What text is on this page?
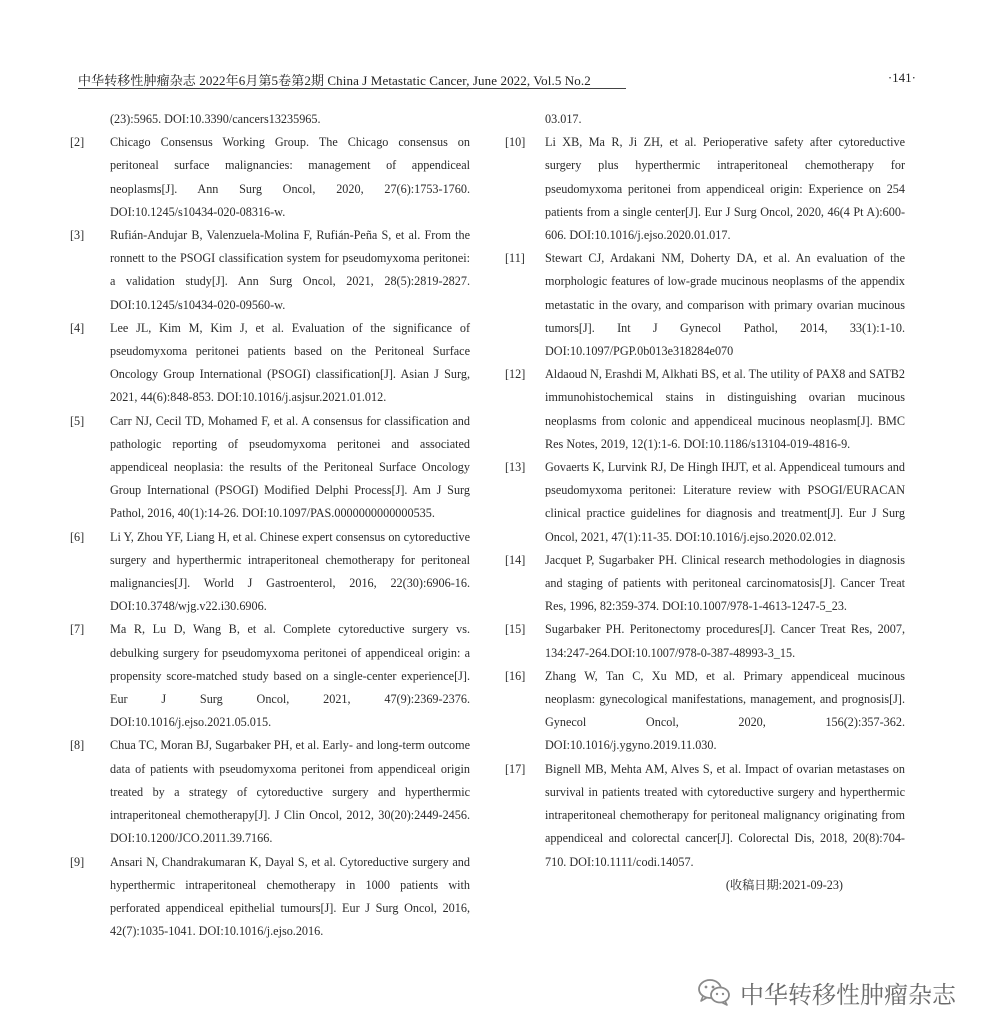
中华转移性肿瘤杂志 2022年6月第5卷第2期 China J Metastatic Cancer, June 2022, Vol.5 No.2	·141·
(23):5965. DOI:10.3390/cancers13235965.
[2]	Chicago Consensus Working Group. The Chicago consensus on peritoneal surface malignancies: management of appendiceal neoplasms[J]. Ann Surg Oncol, 2020, 27(6):1753-1760. DOI:10.1245/s10434-020-08316-w.
[3]	Rufián-Andujar B, Valenzuela-Molina F, Rufián-Peña S, et al. From the ronnett to the PSOGI classification system for pseudomyxoma peritonei: a validation study[J]. Ann Surg Oncol, 2021, 28(5):2819-2827. DOI:10.1245/s10434-020-09560-w.
[4]	Lee JL, Kim M, Kim J, et al. Evaluation of the significance of pseudomyxoma peritonei patients based on the Peritoneal Surface Oncology Group International (PSOGI) classification[J]. Asian J Surg, 2021, 44(6):848-853. DOI:10.1016/j.asjsur.2021.01.012.
[5]	Carr NJ, Cecil TD, Mohamed F, et al. A consensus for classification and pathologic reporting of pseudomyxoma peritonei and associated appendiceal neoplasia: the results of the Peritoneal Surface Oncology Group International (PSOGI) Modified Delphi Process[J]. Am J Surg Pathol, 2016, 40(1):14-26. DOI:10.1097/PAS.0000000000000535.
[6]	Li Y, Zhou YF, Liang H, et al. Chinese expert consensus on cytoreductive surgery and hyperthermic intraperitoneal chemotherapy for peritoneal malignancies[J]. World J Gastroenterol, 2016, 22(30):6906-16. DOI:10.3748/wjg.v22.i30.6906.
[7]	Ma R, Lu D, Wang B, et al. Complete cytoreductive surgery vs. debulking surgery for pseudomyxoma peritonei of appendiceal origin: a propensity score-matched study based on a single-center experience[J]. Eur J Surg Oncol, 2021, 47(9):2369-2376. DOI:10.1016/j.ejso.2021.05.015.
[8]	Chua TC, Moran BJ, Sugarbaker PH, et al. Early- and long-term outcome data of patients with pseudomyxoma peritonei from appendiceal origin treated by a strategy of cytoreductive surgery and hyperthermic intraperitoneal chemotherapy[J]. J Clin Oncol, 2012, 30(20):2449-2456. DOI:10.1200/JCO.2011.39.7166.
[9]	Ansari N, Chandrakumaran K, Dayal S, et al. Cytoreductive surgery and hyperthermic intraperitoneal chemotherapy in 1000 patients with perforated appendiceal epithelial tumours[J]. Eur J Surg Oncol, 2016, 42(7):1035-1041. DOI:10.1016/j.ejso.2016.
03.017.
[10]	Li XB, Ma R, Ji ZH, et al. Perioperative safety after cytoreductive surgery plus hyperthermic intraperitoneal chemotherapy for pseudomyxoma peritonei from appendiceal origin: Experience on 254 patients from a single center[J]. Eur J Surg Oncol, 2020, 46(4 Pt A):600-606. DOI:10.1016/j.ejso.2020.01.017.
[11]	Stewart CJ, Ardakani NM, Doherty DA, et al. An evaluation of the morphologic features of low-grade mucinous neoplasms of the appendix metastatic in the ovary, and comparison with primary ovarian mucinous tumors[J]. Int J Gynecol Pathol, 2014, 33(1):1-10. DOI:10.1097/PGP.0b013e318284e070
[12]	Aldaoud N, Erashdi M, Alkhati BS, et al. The utility of PAX8 and SATB2 immunohistochemical stains in distinguishing ovarian mucinous neoplasms from colonic and appendiceal mucinous neoplasm[J]. BMC Res Notes, 2019, 12(1):1-6. DOI:10.1186/s13104-019-4816-9.
[13]	Govaerts K, Lurvink RJ, De Hingh IHJT, et al. Appendiceal tumours and pseudomyxoma peritonei: Literature review with PSOGI/EURACAN clinical practice guidelines for diagnosis and treatment[J]. Eur J Surg Oncol, 2021, 47(1):11-35. DOI:10.1016/j.ejso.2020.02.012.
[14]	Jacquet P, Sugarbaker PH. Clinical research methodologies in diagnosis and staging of patients with peritoneal carcinomatosis[J]. Cancer Treat Res, 1996, 82:359-374. DOI:10.1007/978-1-4613-1247-5_23.
[15]	Sugarbaker PH. Peritonectomy procedures[J]. Cancer Treat Res, 2007, 134:247-264.DOI:10.1007/978-0-387-48993-3_15.
[16]	Zhang W, Tan C, Xu MD, et al. Primary appendiceal mucinous neoplasm: gynecological manifestations, management, and prognosis[J]. Gynecol Oncol, 2020, 156(2):357-362. DOI:10.1016/j.ygyno.2019.11.030.
[17]	Bignell MB, Mehta AM, Alves S, et al. Impact of ovarian metastases on survival in patients treated with cytoreductive surgery and hyperthermic intraperitoneal chemotherapy for peritoneal malignancy originating from appendiceal and colorectal cancer[J]. Colorectal Dis, 2018, 20(8):704-710. DOI:10.1111/codi.14057.
(收稿日期:2021-09-23)
中华转移性肿瘤杂志
